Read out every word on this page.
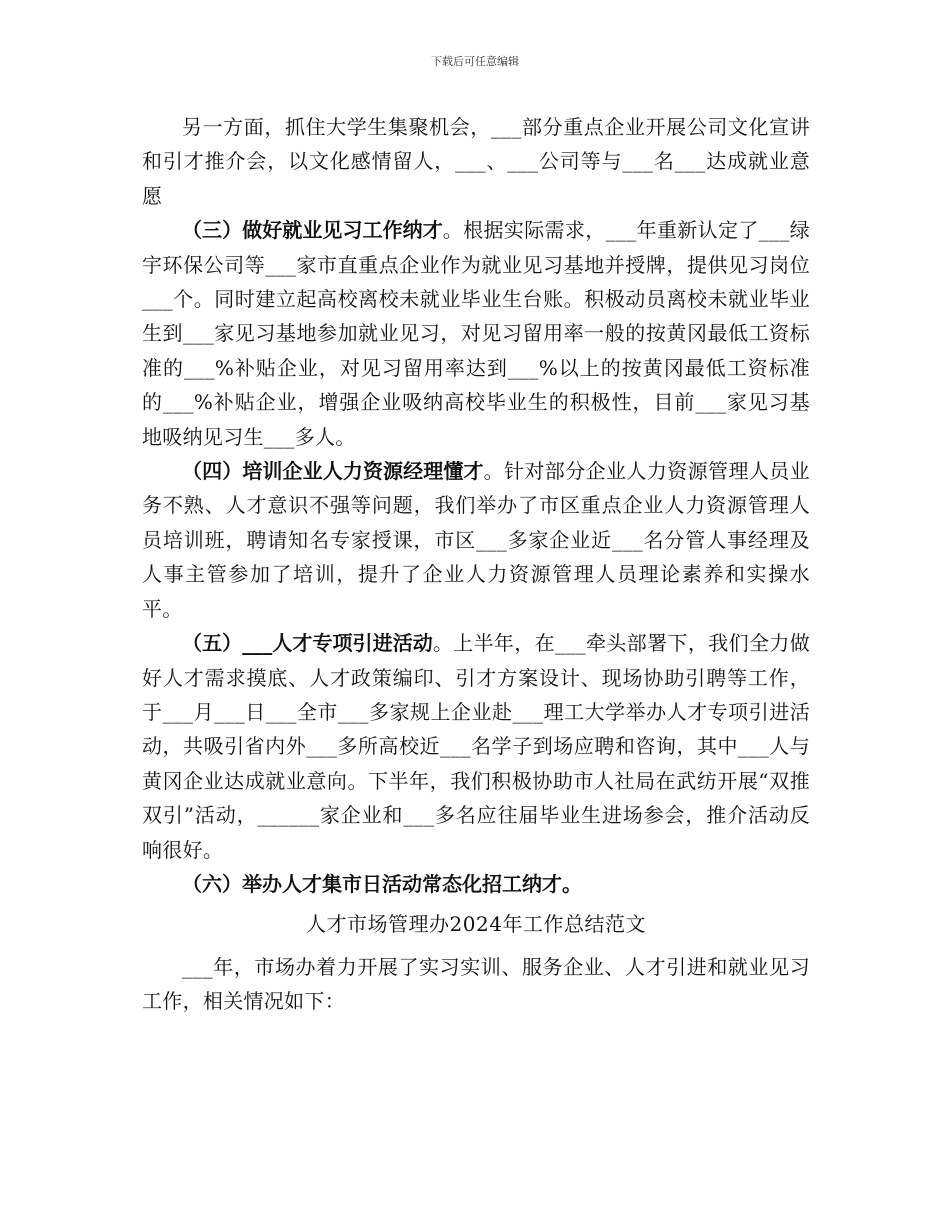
下载后可任意编辑

另一方面，抓住大学生集聚机会，___部分重点企业开展公司文化宣讲和引才推介会，以文化感情留人，___、___公司等与___名___达成就业意愿

（三）做好就业见习工作纳才。根据实际需求，___年重新认定了___绿宇环保公司等___家市直重点企业作为就业见习基地并授牌，提供见习岗位___个。同时建立起高校离校未就业毕业生台账。积极动员离校未就业毕业生到___家见习基地参加就业见习，对见习留用率一般的按黄冈最低工资标准的___%补贴企业，对见习留用率达到___%以上的按黄冈最低工资标准的___%补贴企业，增强企业吸纳高校毕业生的积极性，目前___家见习基地吸纳见习生___多人。

（四）培训企业人力资源经理懂才。针对部分企业人力资源管理人员业务不熟、人才意识不强等问题，我们举办了市区重点企业人力资源管理人员培训班，聘请知名专家授课，市区___多家企业近___名分管人事经理及人事主管参加了培训，提升了企业人力资源管理人员理论素养和实操水平。

（五）___人才专项引进活动。上半年，在___牵头部署下，我们全力做好人才需求摸底、人才政策编印、引才方案设计、现场协助引聘等工作，于___月___日___全市___多家规上企业赴___理工大学举办人才专项引进活动，共吸引省内外___多所高校近___名学子到场应聘和咨询，其中___人与黄冈企业达成就业意向。下半年，我们积极协助市人社局在武纺开展“双推双引”活动，______家企业和___多名应往届毕业生进场参会，推介活动反响很好。

（六）举办人才集市日活动常态化招工纳才。

人才市场管理办2024年工作总结范文

___年，市场办着力开展了实习实训、服务企业、人才引进和就业见习工作，相关情况如下：
